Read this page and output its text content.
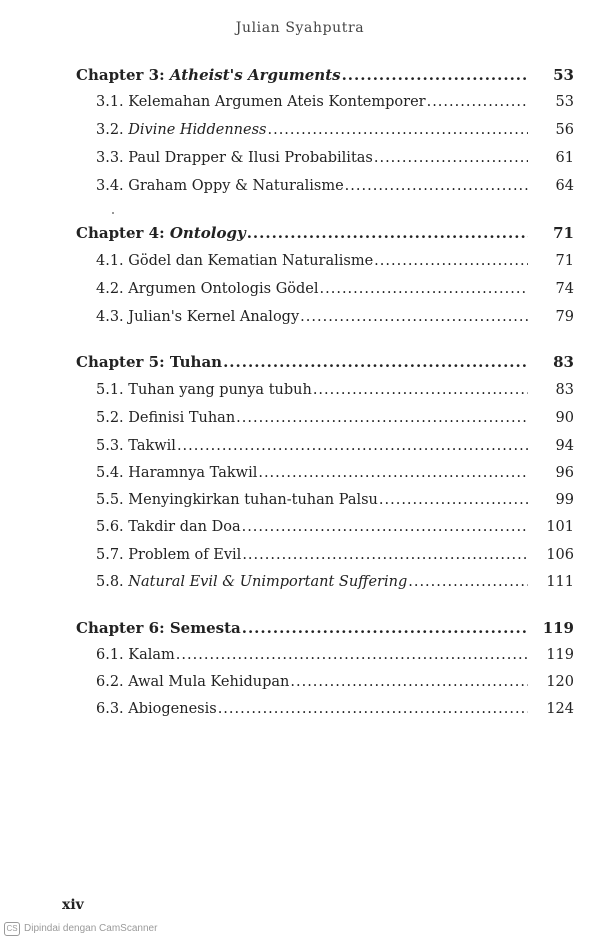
Julian Syahputra
Chapter 3: Atheist's Arguments .....	53
3.1. Kelemahan Argumen Ateis Kontemporer .....	53
3.2. Divine Hiddenness .....	56
3.3. Paul Drapper & Ilusi Probabilitas .....	61
3.4. Graham Oppy & Naturalisme .....	64
Chapter 4: Ontology .....	71
4.1. Gödel dan Kematian Naturalisme .....	71
4.2. Argumen Ontologis Gödel .....	74
4.3. Julian's Kernel Analogy .....	79
Chapter 5: Tuhan .....	83
5.1. Tuhan yang punya tubuh .....	83
5.2. Definisi Tuhan .....	90
5.3. Takwil .....	94
5.4. Haramnya Takwil .....	96
5.5. Menyingkirkan tuhan-tuhan Palsu .....	99
5.6. Takdir dan Doa .....	101
5.7. Problem of Evil .....	106
5.8. Natural Evil & Unimportant Suffering .....	111
Chapter 6: Semesta .....	119
6.1. Kalam .....	119
6.2. Awal Mula Kehidupan .....	120
6.3. Abiogenesis .....	124
xiv
CS Dipindai dengan CamScanner
